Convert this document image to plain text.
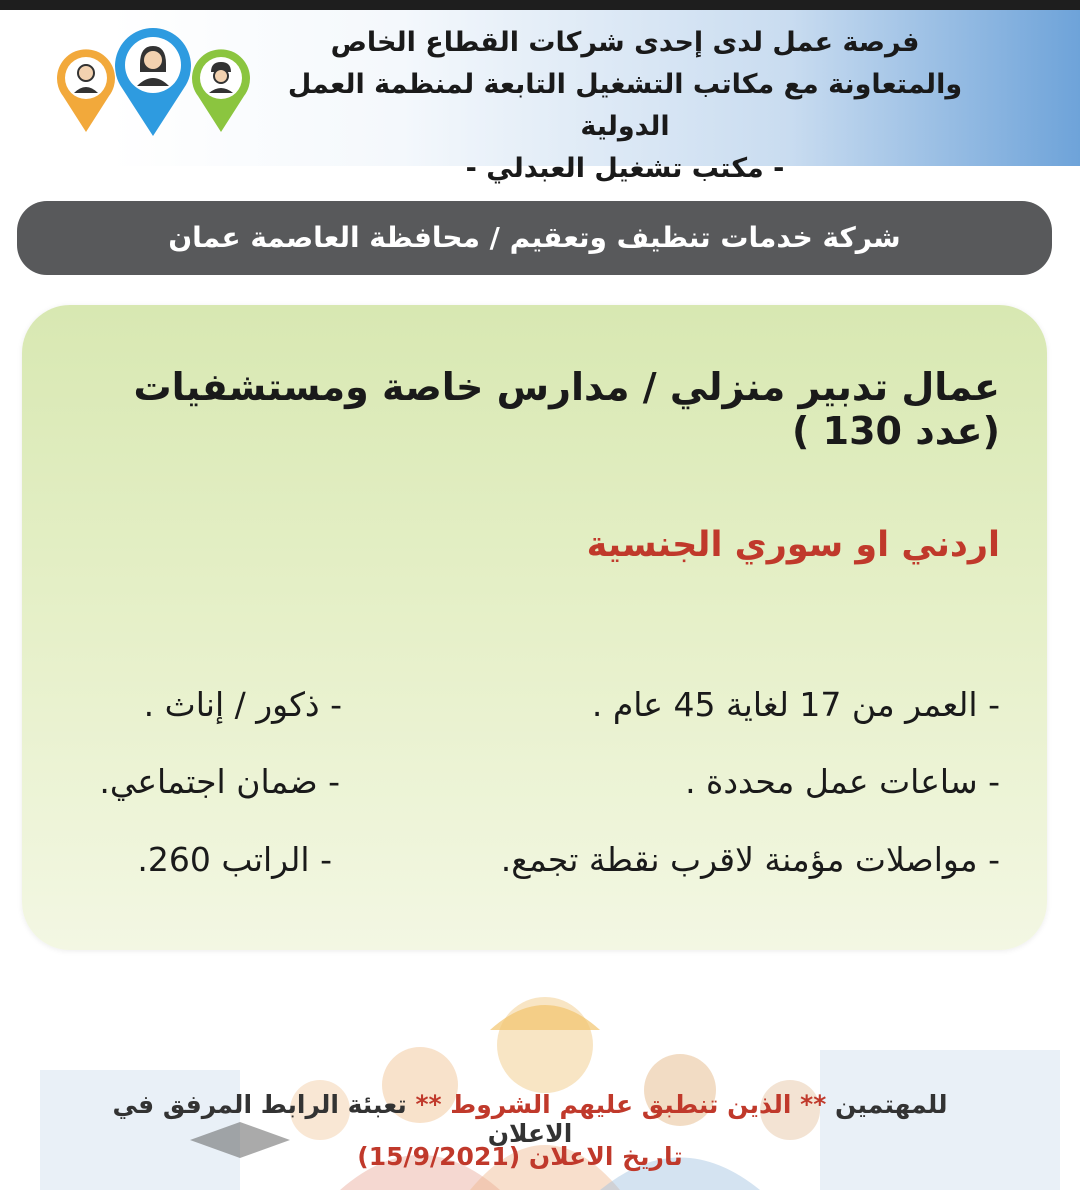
فرصة عمل لدى إحدى شركات القطاع الخاص
والمتعاونة مع مكاتب التشغيل التابعة لمنظمة العمل الدولية
- مكتب تشغيل العبدلي -
شركة خدمات تنظيف وتعقيم / محافظة العاصمة عمان
عمال تدبير منزلي / مدارس خاصة ومستشفيات (عدد 130 )
اردني او سوري الجنسية
- العمر من 17 لغاية 45 عام .
- ذكور / إناث .
- ساعات عمل محددة .
- ضمان اجتماعي.
- مواصلات مؤمنة لاقرب نقطة تجمع.
- الراتب 260.
للمهتمين ** الذين تنطبق عليهم الشروط ** تعبئة الرابط المرفق في الاعلان
تاريخ الاعلان (15/9/2021)
